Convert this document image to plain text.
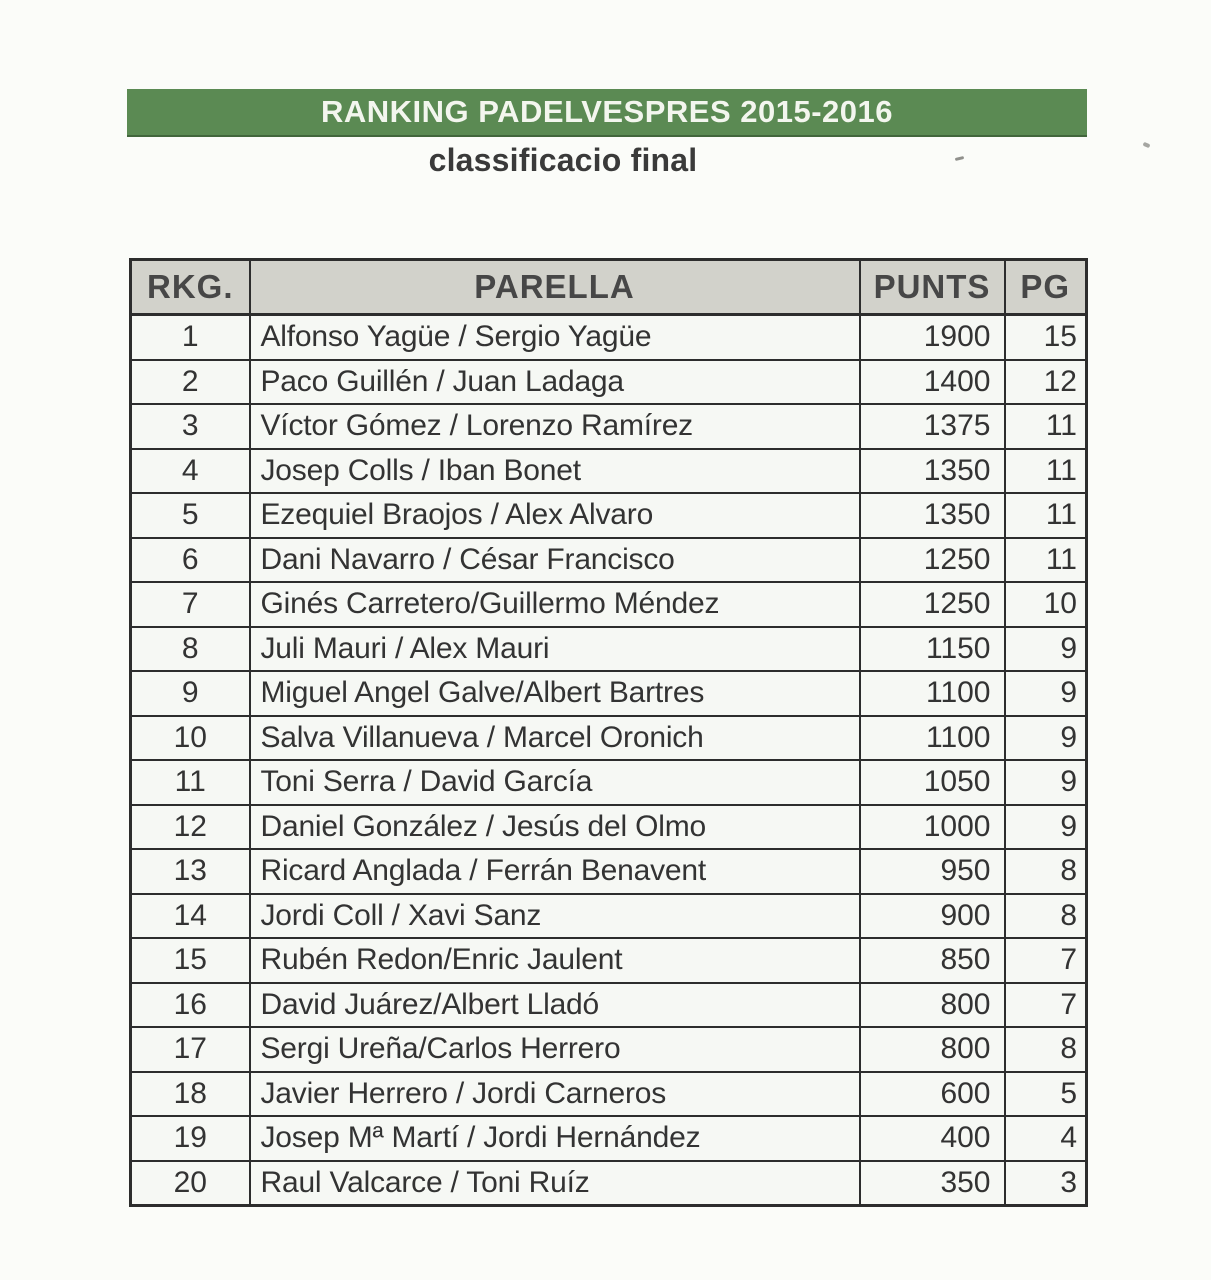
RANKING PADELVESPRES 2015-2016
classificacio final
RKG.	PARELLA	PUNTS	PG
1	Alfonso Yagüe / Sergio Yagüe	1900	15
2	Paco Guillén / Juan Ladaga	1400	12
3	Víctor Gómez / Lorenzo Ramírez	1375	11
4	Josep Colls / Iban Bonet	1350	11
5	Ezequiel Braojos / Alex Alvaro	1350	11
6	Dani Navarro / César Francisco	1250	11
7	Ginés Carretero/Guillermo Méndez	1250	10
8	Juli Mauri / Alex Mauri	1150	9
9	Miguel Angel Galve/Albert Bartres	1100	9
10	Salva Villanueva / Marcel Oronich	1100	9
11	Toni Serra / David García	1050	9
12	Daniel González / Jesús del Olmo	1000	9
13	Ricard Anglada / Ferrán Benavent	950	8
14	Jordi Coll / Xavi Sanz	900	8
15	Rubén Redon/Enric Jaulent	850	7
16	David Juárez/Albert Lladó	800	7
17	Sergi Ureña/Carlos Herrero	800	8
18	Javier Herrero / Jordi Carneros	600	5
19	Josep Mª Martí / Jordi Hernández	400	4
20	Raul Valcarce / Toni Ruíz	350	3
